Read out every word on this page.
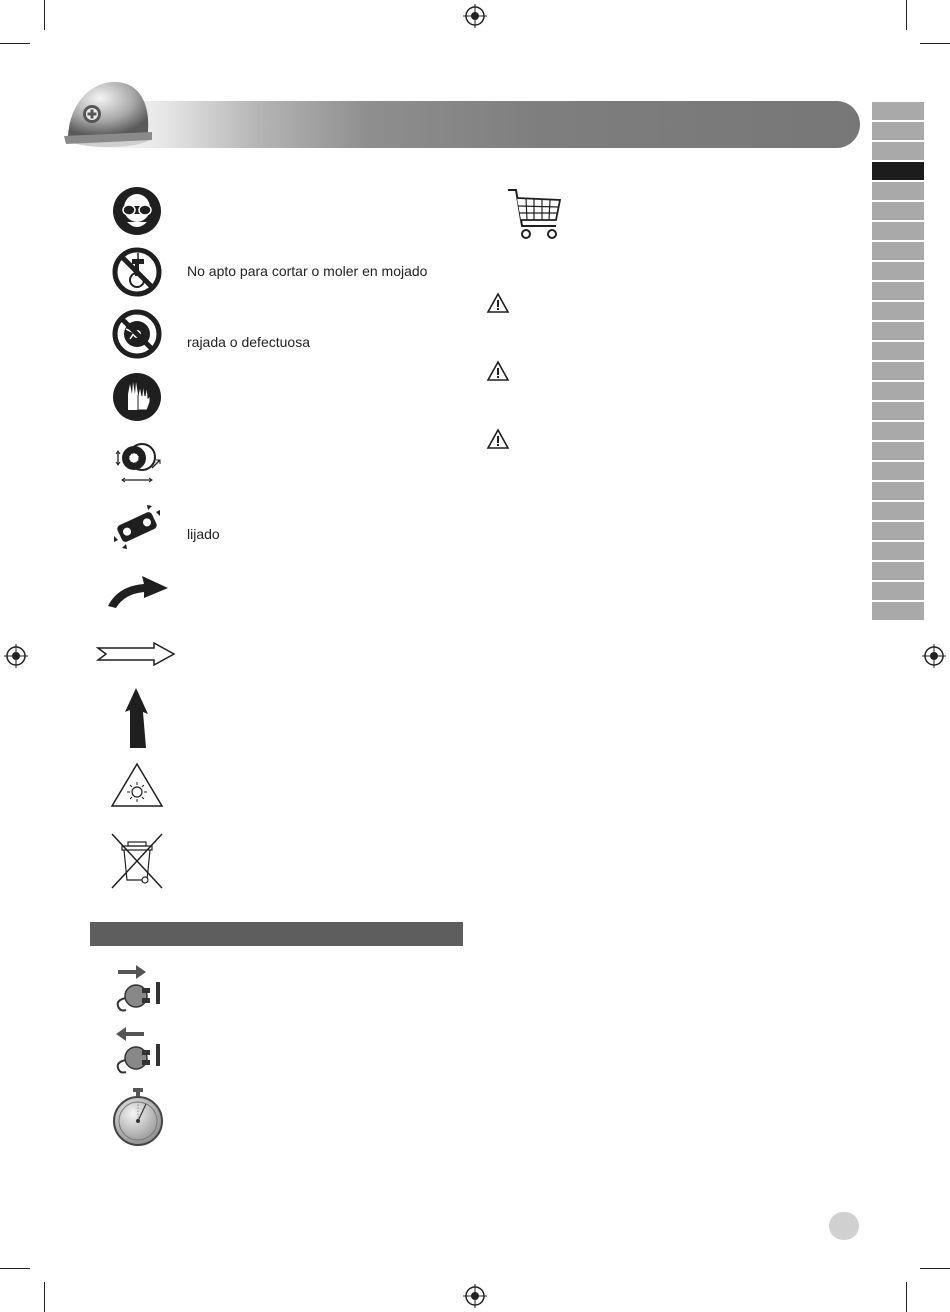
No apto para cortar o moler en mojado
rajada o defectuosa
lijado
